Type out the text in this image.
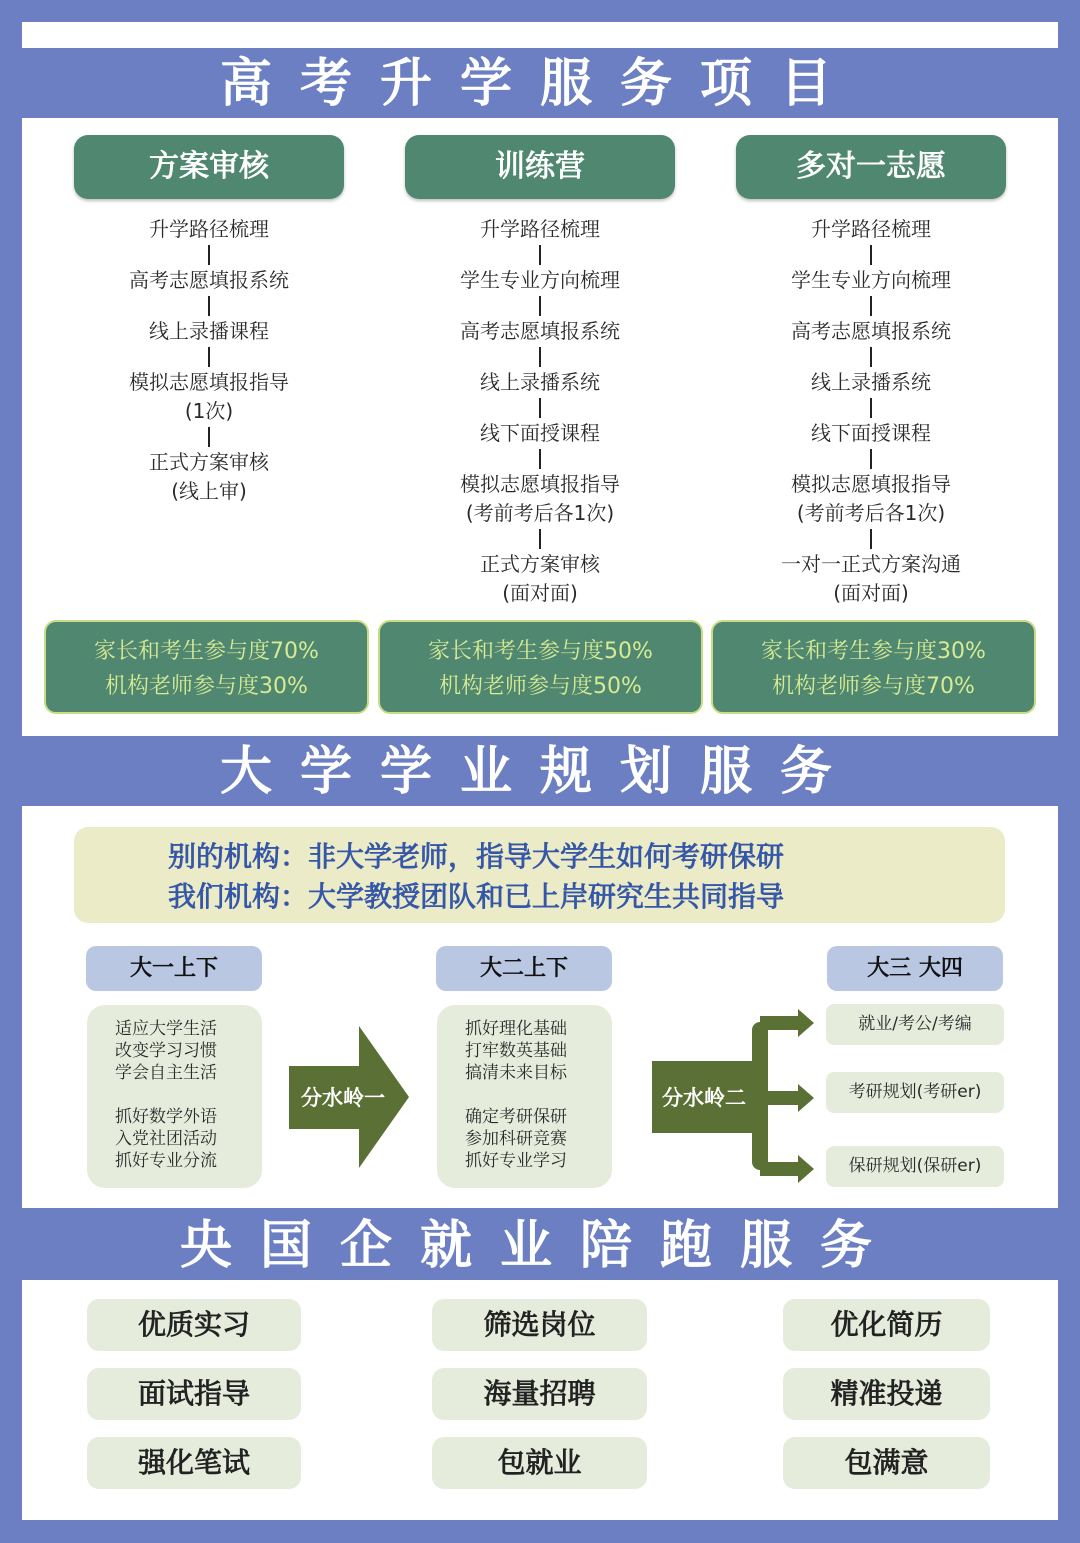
高考升学服务项目
方案审核
升学路径梳理
高考志愿填报系统
线上录播课程
模拟志愿填报指导
(1次)
正式方案审核
(线上审)
训练营
升学路径梳理
学生专业方向梳理
高考志愿填报系统
线上录播系统
线下面授课程
模拟志愿填报指导
(考前考后各1次)
正式方案审核
(面对面)
多对一志愿
升学路径梳理
学生专业方向梳理
高考志愿填报系统
线上录播系统
线下面授课程
模拟志愿填报指导
(考前考后各1次)
一对一正式方案沟通
(面对面)
家长和考生参与度70%
机构老师参与度30%
家长和考生参与度50%
机构老师参与度50%
家长和考生参与度30%
机构老师参与度70%
大学学业规划服务
别的机构：非大学老师，指导大学生如何考研保研
我们机构：大学教授团队和已上岸研究生共同指导
大一上下
适应大学生活
改变学习习惯
学会自主生活

抓好数学外语
入党社团活动
抓好专业分流
分水岭一
大二上下
抓好理化基础
打牢数英基础
搞清未来目标

确定考研保研
参加科研竞赛
抓好专业学习
分水岭二
大三 大四
就业/考公/考编
考研规划(考研er)
保研规划(保研er)
央国企就业陪跑服务
优质实习	筛选岗位	优化简历
面试指导	海量招聘	精准投递
强化笔试	包就业	包满意
